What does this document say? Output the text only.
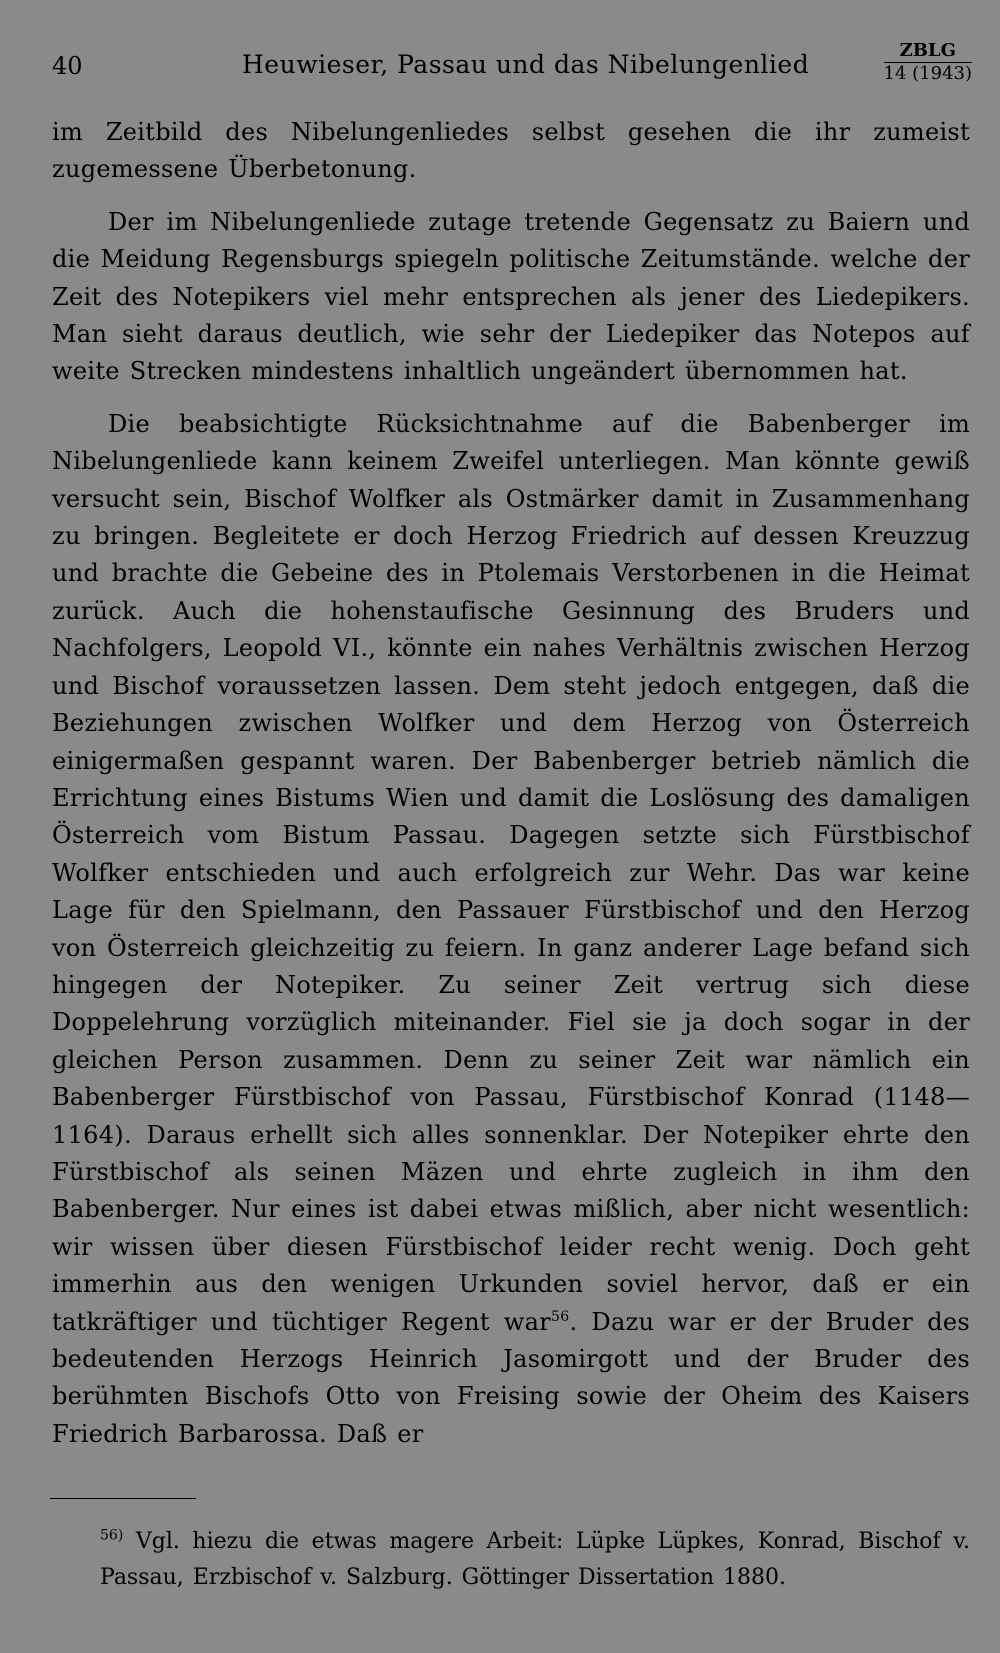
40	Heuwieser, Passau und das Nibelungenlied	ZBLG
14 (1943)

im Zeitbild des Nibelungenliedes selbst gesehen die ihr zumeist zugemessene Überbetonung.

Der im Nibelungenliede zutage tretende Gegensatz zu Baiern und die Meidung Regensburgs spiegeln politische Zeitumstände. welche der Zeit des Notepikers viel mehr entsprechen als jener des Liedepikers. Man sieht daraus deutlich, wie sehr der Liedepiker das Notepos auf weite Strecken mindestens inhaltlich ungeändert übernommen hat.

Die beabsichtigte Rücksichtnahme auf die Babenberger im Nibelungenliede kann keinem Zweifel unterliegen. Man könnte gewiß versucht sein, Bischof Wolfker als Ostmärker damit in Zusammenhang zu bringen. Begleitete er doch Herzog Friedrich auf dessen Kreuzzug und brachte die Gebeine des in Ptolemais Verstorbenen in die Heimat zurück. Auch die hohenstaufische Gesinnung des Bruders und Nachfolgers, Leopold VI., könnte ein nahes Verhältnis zwischen Herzog und Bischof voraussetzen lassen. Dem steht jedoch entgegen, daß die Beziehungen zwischen Wolfker und dem Herzog von Österreich einigermaßen gespannt waren. Der Babenberger betrieb nämlich die Errichtung eines Bistums Wien und damit die Loslösung des damaligen Österreich vom Bistum Passau. Dagegen setzte sich Fürstbischof Wolfker entschieden und auch erfolgreich zur Wehr. Das war keine Lage für den Spielmann, den Passauer Fürstbischof und den Herzog von Österreich gleichzeitig zu feiern. In ganz anderer Lage befand sich hingegen der Notepiker. Zu seiner Zeit vertrug sich diese Doppelehrung vorzüglich miteinander. Fiel sie ja doch sogar in der gleichen Person zusammen. Denn zu seiner Zeit war nämlich ein Babenberger Fürstbischof von Passau, Fürstbischof Konrad (1148—1164). Daraus erhellt sich alles sonnenklar. Der Notepiker ehrte den Fürstbischof als seinen Mäzen und ehrte zugleich in ihm den Babenberger. Nur eines ist dabei etwas mißlich, aber nicht wesentlich: wir wissen über diesen Fürstbischof leider recht wenig. Doch geht immerhin aus den wenigen Urkunden soviel hervor, daß er ein tatkräftiger und tüchtiger Regent war$^{56}$. Dazu war er der Bruder des bedeutenden Herzogs Heinrich Jasomirgott und der Bruder des berühmten Bischofs Otto von Freising sowie der Oheim des Kaisers Friedrich Barbarossa. Daß er

$^{56)}$ Vgl. hiezu die etwas magere Arbeit: Lüpke Lüpkes, Konrad, Bischof v. Passau, Erzbischof v. Salzburg. Göttinger Dissertation 1880.
